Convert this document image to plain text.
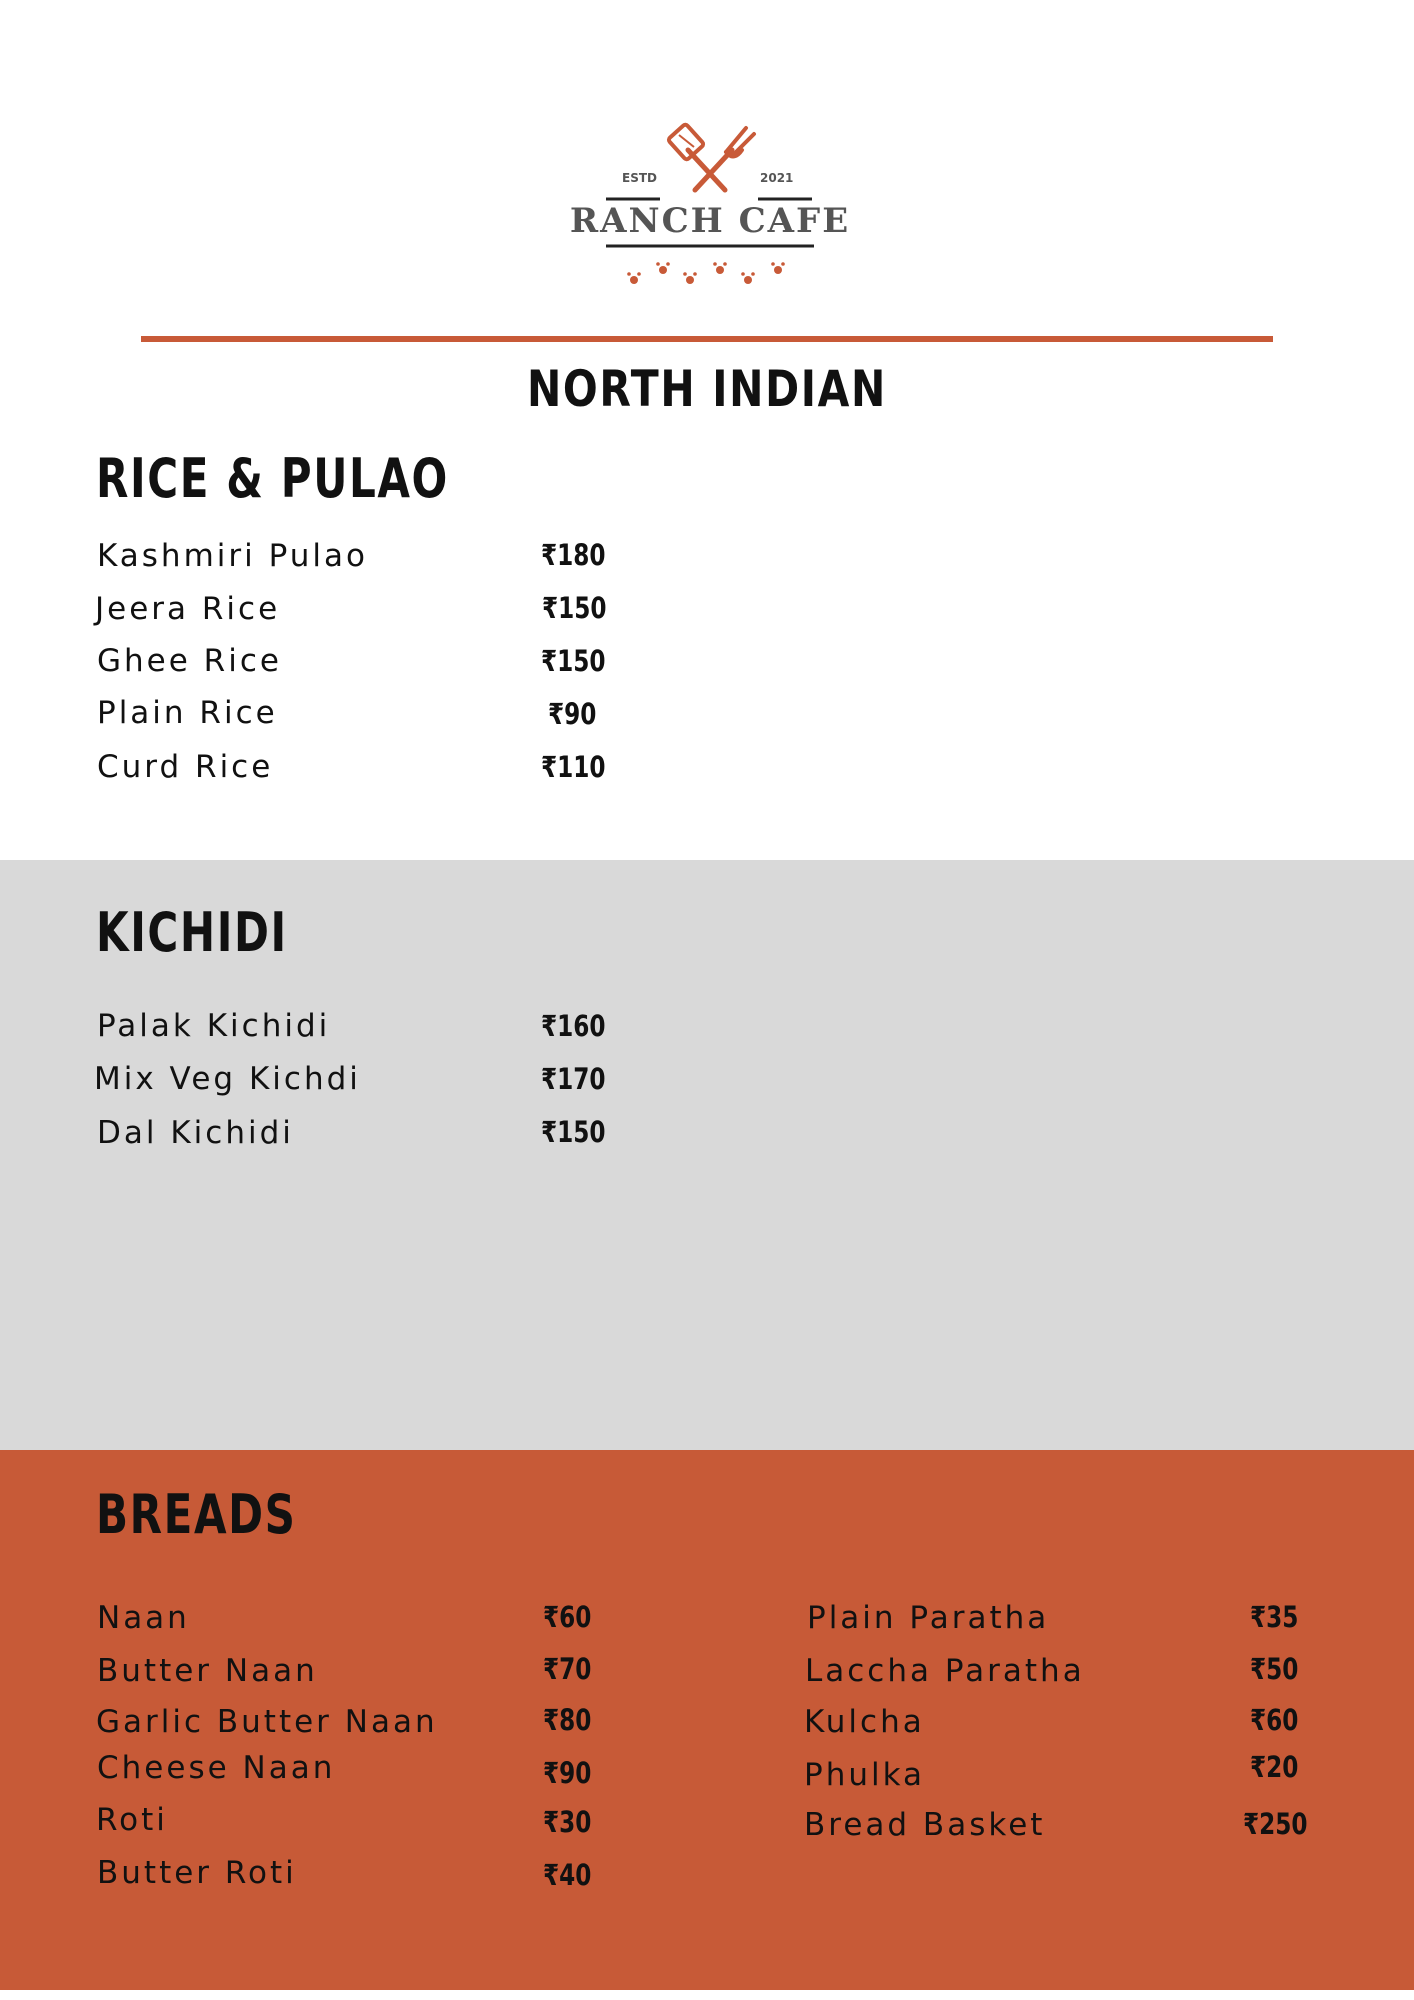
ESTD	2021
RANCH CAFE
NORTH INDIAN
RICE & PULAO
Kashmiri Pulao	₹180
Jeera Rice	₹150
Ghee Rice	₹150
Plain Rice	₹90
Curd Rice	₹110
KICHIDI
Palak Kichidi	₹160
Mix Veg Kichdi	₹170
Dal Kichidi	₹150
BREADS
Naan	₹60
Butter Naan	₹70
Garlic Butter Naan	₹80
Cheese Naan	₹90
Roti	₹30
Butter Roti	₹40
Plain Paratha	₹35
Laccha Paratha	₹50
Kulcha	₹60
Phulka	₹20
Bread Basket	₹250
